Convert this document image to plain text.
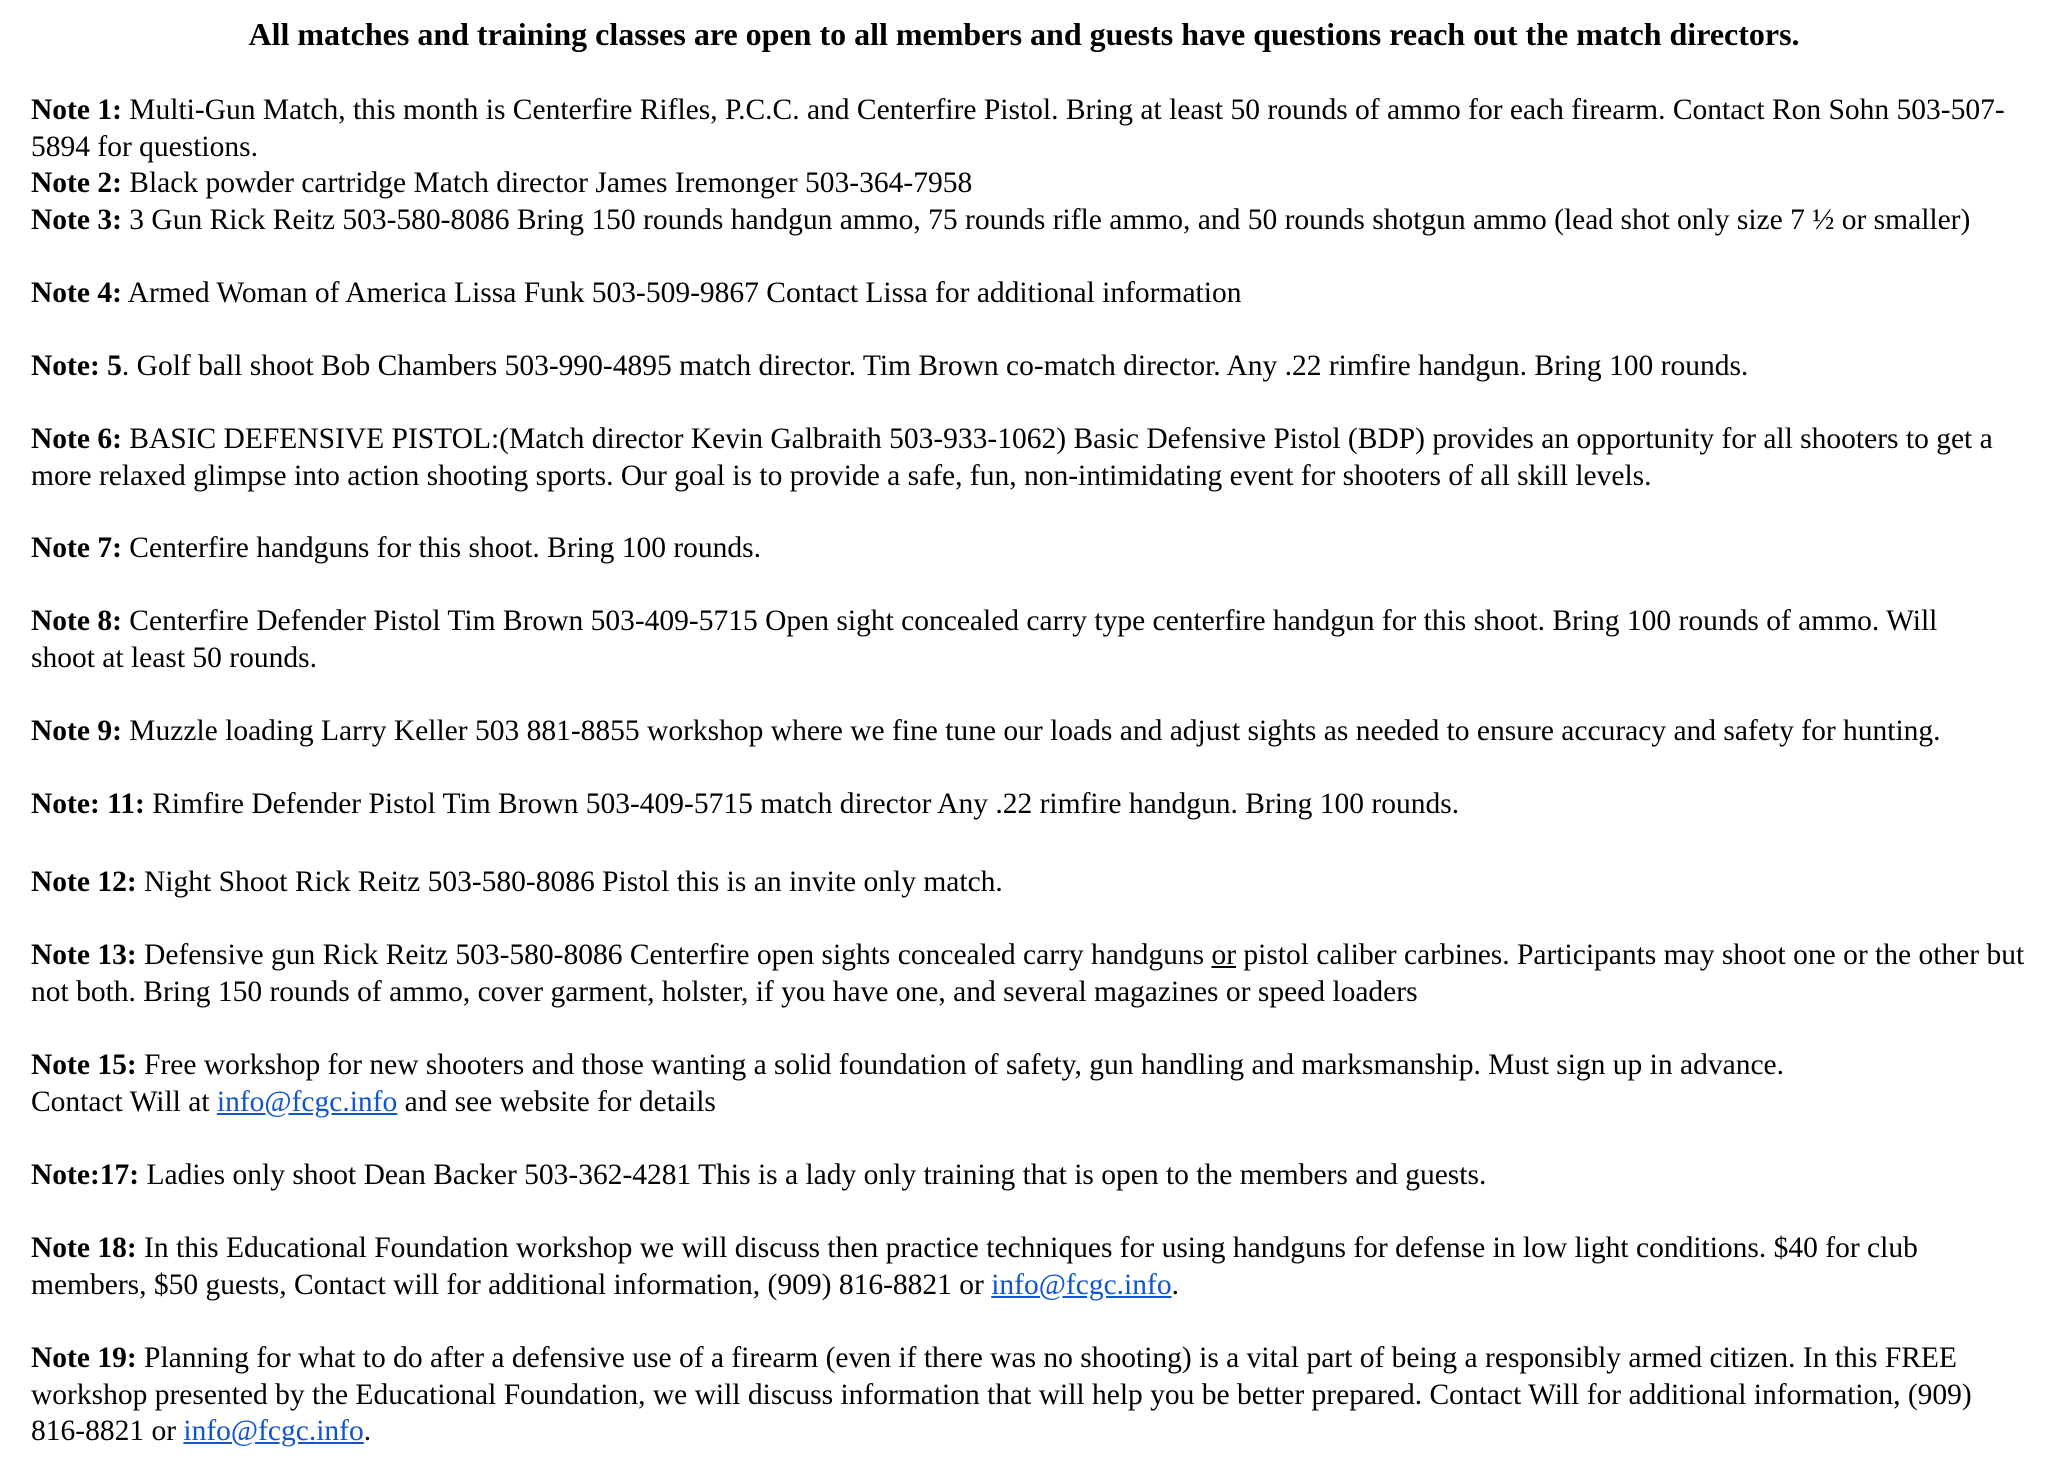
All matches and training classes are open to all members and guests have questions reach out the match directors.

Note 1: Multi-Gun Match, this month is Centerfire Rifles, P.C.C. and Centerfire Pistol. Bring at least 50 rounds of ammo for each firearm. Contact Ron Sohn 503-507-5894 for questions.

Note 2: Black powder cartridge Match director James Iremonger 503-364-7958

Note 3: 3 Gun Rick Reitz 503-580-8086 Bring 150 rounds handgun ammo, 75 rounds rifle ammo, and 50 rounds shotgun ammo (lead shot only size 7 ½ or smaller)

Note 4: Armed Woman of America Lissa Funk 503-509-9867 Contact Lissa for additional information

Note: 5. Golf ball shoot Bob Chambers 503-990-4895 match director. Tim Brown co-match director. Any .22 rimfire handgun. Bring 100 rounds.

Note 6: BASIC DEFENSIVE PISTOL:(Match director Kevin Galbraith 503-933-1062) Basic Defensive Pistol (BDP) provides an opportunity for all shooters to get a more relaxed glimpse into action shooting sports. Our goal is to provide a safe, fun, non-intimidating event for shooters of all skill levels.

Note 7: Centerfire handguns for this shoot. Bring 100 rounds.

Note 8: Centerfire Defender Pistol Tim Brown 503-409-5715 Open sight concealed carry type centerfire handgun for this shoot. Bring 100 rounds of ammo. Will shoot at least 50 rounds.

Note 9: Muzzle loading Larry Keller 503 881-8855 workshop where we fine tune our loads and adjust sights as needed to ensure accuracy and safety for hunting.

Note: 11: Rimfire Defender Pistol Tim Brown 503-409-5715 match director Any .22 rimfire handgun. Bring 100 rounds.

Note 12: Night Shoot Rick Reitz 503-580-8086 Pistol this is an invite only match.

Note 13: Defensive gun Rick Reitz 503-580-8086 Centerfire open sights concealed carry handguns or pistol caliber carbines. Participants may shoot one or the other but not both. Bring 150 rounds of ammo, cover garment, holster, if you have one, and several magazines or speed loaders

Note 15: Free workshop for new shooters and those wanting a solid foundation of safety, gun handling and marksmanship. Must sign up in advance. Contact Will at info@fcgc.info and see website for details

Note:17: Ladies only shoot Dean Backer 503-362-4281 This is a lady only training that is open to the members and guests.

Note 18: In this Educational Foundation workshop we will discuss then practice techniques for using handguns for defense in low light conditions. $40 for club members, $50 guests, Contact will for additional information, (909) 816-8821 or info@fcgc.info.

Note 19: Planning for what to do after a defensive use of a firearm (even if there was no shooting) is a vital part of being a responsibly armed citizen. In this FREE workshop presented by the Educational Foundation, we will discuss information that will help you be better prepared. Contact Will for additional information, (909) 816-8821 or info@fcgc.info.
